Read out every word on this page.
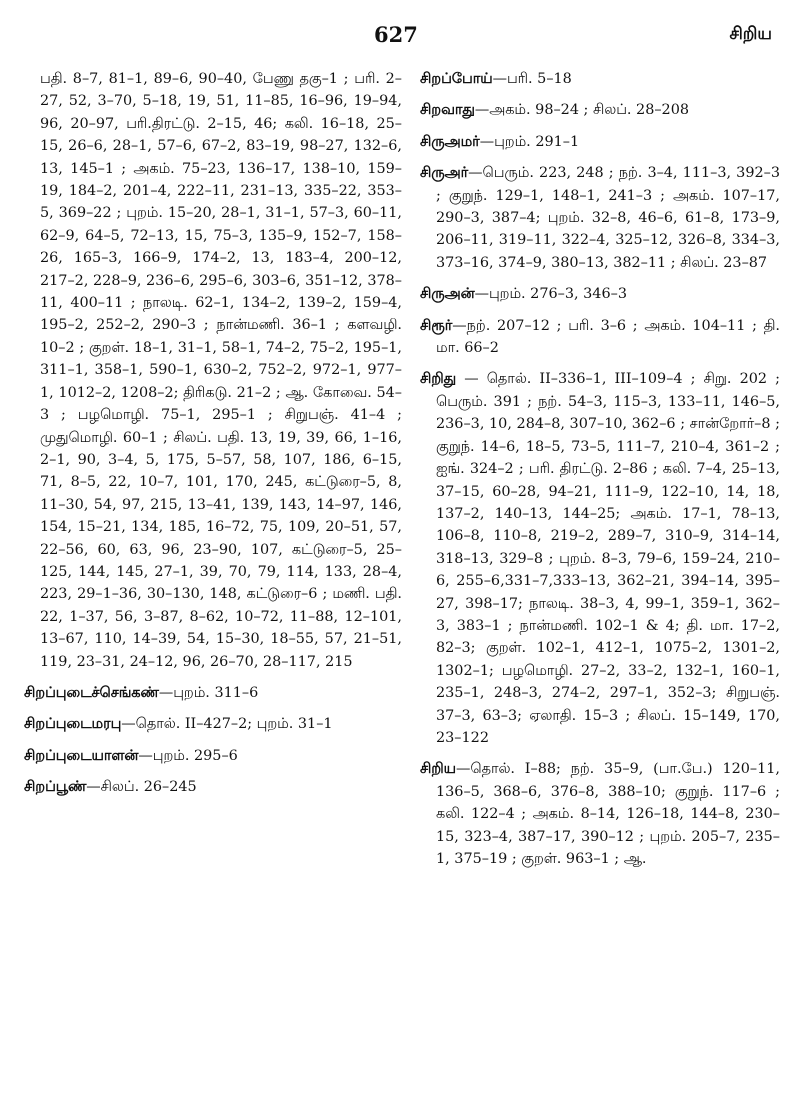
627	சிறிய

பதி. 8–7, 81–1, 89–6, 90–40, பேணு தகு–1 ; பரி. 2–27, 52, 3–70, 5–18, 19, 51, 11–85, 16–96, 19–94, 96, 20–97, பரி.திரட்டு. 2–15, 46; கலி. 16–18, 25–15, 26–6, 28–1, 57–6, 67–2, 83–19, 98–27, 132–6, 13, 145–1 ; அகம். 75–23, 136–17, 138–10, 159–19, 184–2, 201–4, 222–11, 231–13, 335–22, 353–5, 369–22 ; புறம். 15–20, 28–1, 31–1, 57–3, 60–11, 62–9, 64–5, 72–13, 15, 75–3, 135–9, 152–7, 158–26, 165–3, 166–9, 174–2, 13, 183–4, 200–12, 217–2, 228–9, 236–6, 295–6, 303–6, 351–12, 378–11, 400–11 ; நாலடி. 62–1, 134–2, 139–2, 159–4, 195–2, 252–2, 290–3 ; நான்மணி. 36–1 ; களவழி. 10–2 ; குறள். 18–1, 31–1, 58–1, 74–2, 75–2, 195–1, 311–1, 358–1, 590–1, 630–2, 752–2, 972–1, 977–1, 1012–2, 1208–2; திரிகடு. 21–2 ; ஆ. கோவை. 54–3 ; பழமொழி. 75–1, 295–1 ; சிறுபஞ். 41–4 ; முதுமொழி. 60–1 ; சிலப். பதி. 13, 19, 39, 66, 1–16, 2–1, 90, 3–4, 5, 175, 5–57, 58, 107, 186, 6–15, 71, 8–5, 22, 10–7, 101, 170, 245, கட்டுரை–5, 8, 11–30, 54, 97, 215, 13–41, 139, 143, 14–97, 146, 154, 15–21, 134, 185, 16–72, 75, 109, 20–51, 57, 22–56, 60, 63, 96, 23–90, 107, கட்டுரை–5, 25–125, 144, 145, 27–1, 39, 70, 79, 114, 133, 28–4, 223, 29–1–36, 30–130, 148, கட்டுரை–6 ; மணி. பதி. 22, 1–37, 56, 3–87, 8–62, 10–72, 11–88, 12–101, 13–67, 110, 14–39, 54, 15–30, 18–55, 57, 21–51, 119, 23–31, 24–12, 96, 26–70, 28–117, 215

சிறப்புடைச்செங்கண்—புறம். 311–6

சிறப்புடைமரபு—தொல். II–427–2; புறம். 31–1

சிறப்புடையாளன்—புறம். 295–6

சிறப்பூண்—சிலப். 26–245

சிறப்போய்—பரி. 5–18

சிறவாது—அகம். 98–24 ; சிலப். 28–208

சிருஅமர்—புறம். 291–1

சிருஅர்—பெரும். 223, 248 ; நற். 3–4, 111–3, 392–3 ; குறுந். 129–1, 148–1, 241–3 ; அகம். 107–17, 290–3, 387–4; புறம். 32–8, 46–6, 61–8, 173–9, 206–11, 319–11, 322–4, 325–12, 326–8, 334–3, 373–16, 374–9, 380–13, 382–11 ; சிலப். 23–87

சிருஅன்—புறம். 276–3, 346–3

சிரூர்—நற். 207–12 ; பரி. 3–6 ; அகம். 104–11 ; தி. மா. 66–2

சிறிது — தொல். II–336–1, III–109–4 ; சிறு. 202 ; பெரும். 391 ; நற். 54–3, 115–3, 133–11, 146–5, 236–3, 10, 284–8, 307–10, 362–6 ; சான்றோர்–8 ; குறுந். 14–6, 18–5, 73–5, 111–7, 210–4, 361–2 ; ஐங். 324–2 ; பரி. திரட்டு. 2–86 ; கலி. 7–4, 25–13, 37–15, 60–28, 94–21, 111–9, 122–10, 14, 18, 137–2, 140–13, 144–25; அகம். 17–1, 78–13, 106–8, 110–8, 219–2, 289–7, 310–9, 314–14, 318–13, 329–8 ; புறம். 8–3, 79–6, 159–24, 210–6, 255–6,331–7,333–13, 362–21, 394–14, 395–27, 398–17; நாலடி. 38–3, 4, 99–1, 359–1, 362–3, 383–1 ; நான்மணி. 102–1 & 4; தி. மா. 17–2, 82–3; குறள். 102–1, 412–1, 1075–2, 1301–2, 1302–1; பழமொழி. 27–2, 33–2, 132–1, 160–1, 235–1, 248–3, 274–2, 297–1, 352–3; சிறுபஞ். 37–3, 63–3; ஏலாதி. 15–3 ; சிலப். 15–149, 170, 23–122

சிறிய—தொல். I–88; நற். 35–9, (பா.பே.) 120–11, 136–5, 368–6, 376–8, 388–10; குறுந். 117–6 ; கலி. 122–4 ; அகம். 8–14, 126–18, 144–8, 230–15, 323–4, 387–17, 390–12 ; புறம். 205–7, 235–1, 375–19 ; குறள். 963–1 ; ஆ.
